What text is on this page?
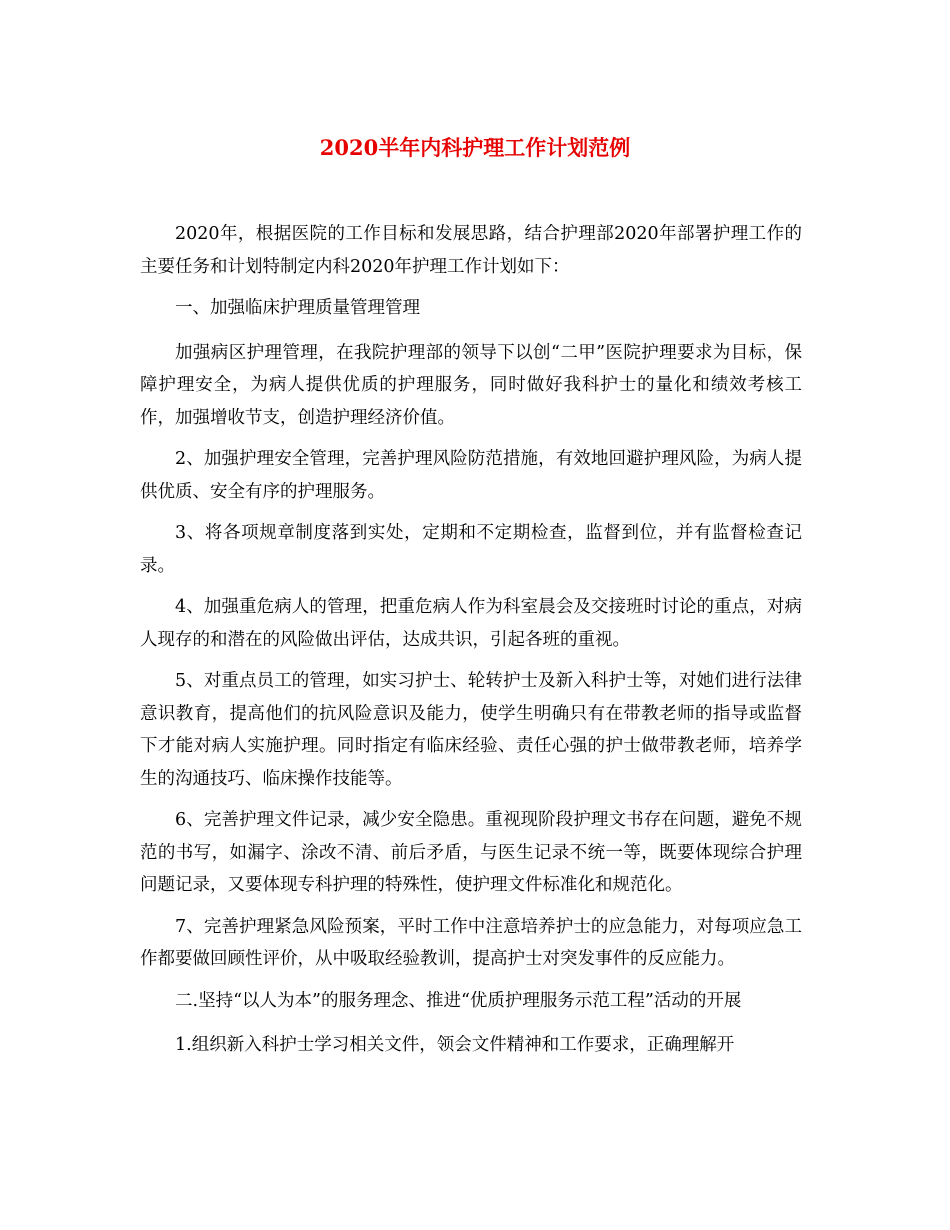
2020半年内科护理工作计划范例

2020年，根据医院的工作目标和发展思路，结合护理部2020年部署护理工作的主要任务和计划特制定内科2020年护理工作计划如下：

一、加强临床护理质量管理管理

加强病区护理管理，在我院护理部的领导下以创“二甲”医院护理要求为目标，保障护理安全，为病人提供优质的护理服务，同时做好我科护士的量化和绩效考核工作，加强增收节支，创造护理经济价值。

2、加强护理安全管理，完善护理风险防范措施，有效地回避护理风险，为病人提供优质、安全有序的护理服务。

3、将各项规章制度落到实处，定期和不定期检查，监督到位，并有监督检查记录。

4、加强重危病人的管理，把重危病人作为科室晨会及交接班时讨论的重点，对病人现存的和潜在的风险做出评估，达成共识，引起各班的重视。

5、对重点员工的管理，如实习护士、轮转护士及新入科护士等，对她们进行法律意识教育，提高他们的抗风险意识及能力，使学生明确只有在带教老师的指导或监督下才能对病人实施护理。同时指定有临床经验、责任心强的护士做带教老师，培养学生的沟通技巧、临床操作技能等。

6、完善护理文件记录，减少安全隐患。重视现阶段护理文书存在问题，避免不规范的书写，如漏字、涂改不清、前后矛盾，与医生记录不统一等，既要体现综合护理问题记录，又要体现专科护理的特殊性，使护理文件标准化和规范化。

7、完善护理紧急风险预案，平时工作中注意培养护士的应急能力，对每项应急工作都要做回顾性评价，从中吸取经验教训，提高护士对突发事件的反应能力。

二.坚持“以人为本”的服务理念、推进“优质护理服务示范工程”活动的开展

1.组织新入科护士学习相关文件，领会文件精神和工作要求，正确理解开
